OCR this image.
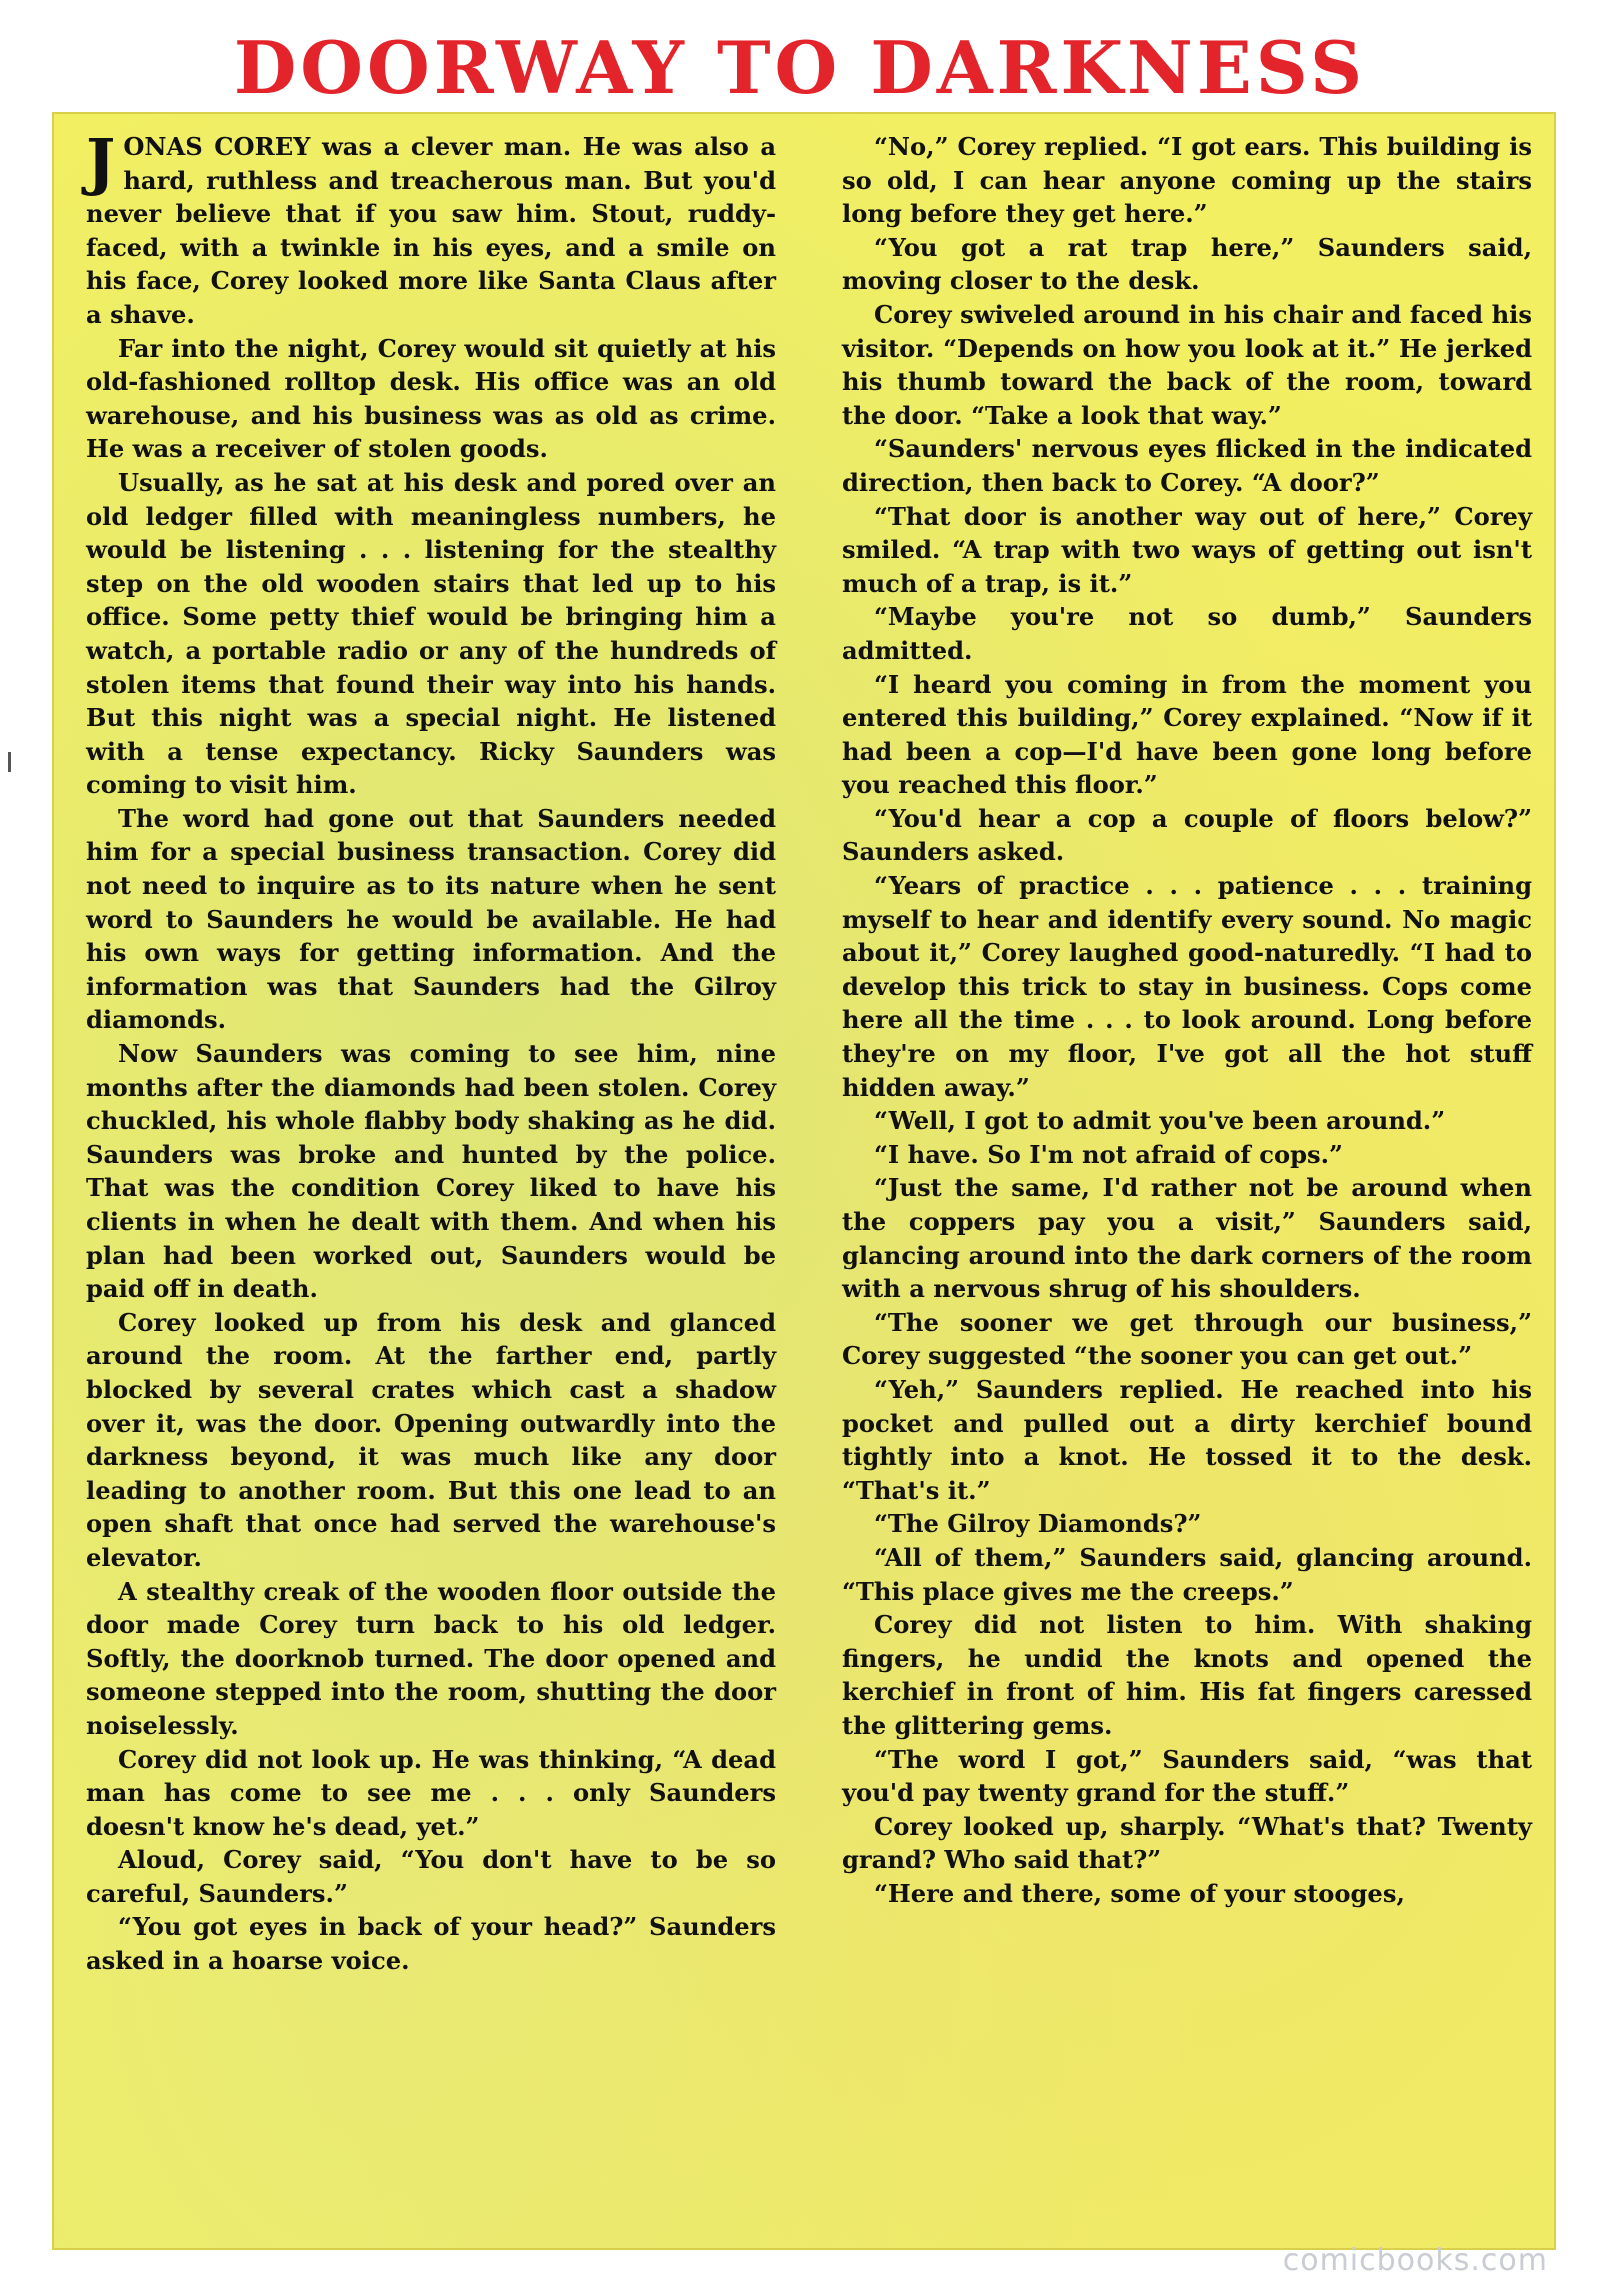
DOORWAY TO DARKNESS

JONAS COREY was a clever man. He was also a hard, ruthless and treacherous man. But you'd never believe that if you saw him. Stout, ruddy-faced, with a twinkle in his eyes, and a smile on his face, Corey looked more like Santa Claus after a shave.

Far into the night, Corey would sit quietly at his old-fashioned rolltop desk. His office was an old warehouse, and his business was as old as crime. He was a receiver of stolen goods.

Usually, as he sat at his desk and pored over an old ledger filled with meaningless numbers, he would be listening . . . listening for the stealthy step on the old wooden stairs that led up to his office. Some petty thief would be bringing him a watch, a portable radio or any of the hundreds of stolen items that found their way into his hands. But this night was a special night. He listened with a tense expectancy. Ricky Saunders was coming to visit him.

The word had gone out that Saunders needed him for a special business transaction. Corey did not need to inquire as to its nature when he sent word to Saunders he would be available. He had his own ways for getting information. And the information was that Saunders had the Gilroy diamonds.

Now Saunders was coming to see him, nine months after the diamonds had been stolen. Corey chuckled, his whole flabby body shaking as he did. Saunders was broke and hunted by the police. That was the condition Corey liked to have his clients in when he dealt with them. And when his plan had been worked out, Saunders would be paid off in death.

Corey looked up from his desk and glanced around the room. At the farther end, partly blocked by several crates which cast a shadow over it, was the door. Opening outwardly into the darkness beyond, it was much like any door leading to another room. But this one lead to an open shaft that once had served the warehouse's elevator.

A stealthy creak of the wooden floor outside the door made Corey turn back to his old ledger. Softly, the doorknob turned. The door opened and someone stepped into the room, shutting the door noiselessly.

Corey did not look up. He was thinking, “A dead man has come to see me . . . only Saunders doesn't know he's dead, yet.”

Aloud, Corey said, “You don't have to be so careful, Saunders.”

“You got eyes in back of your head?” Saunders asked in a hoarse voice.

“No,” Corey replied. “I got ears. This building is so old, I can hear anyone coming up the stairs long before they get here.”

“You got a rat trap here,” Saunders said, moving closer to the desk.

Corey swiveled around in his chair and faced his visitor. “Depends on how you look at it.” He jerked his thumb toward the back of the room, toward the door. “Take a look that way.”

“Saunders' nervous eyes flicked in the indicated direction, then back to Corey. “A door?”

“That door is another way out of here,” Corey smiled. “A trap with two ways of getting out isn't much of a trap, is it.”

“Maybe you're not so dumb,” Saunders admitted.

“I heard you coming in from the moment you entered this building,” Corey explained. “Now if it had been a cop—I'd have been gone long before you reached this floor.”

“You'd hear a cop a couple of floors below?” Saunders asked.

“Years of practice . . . patience . . . training myself to hear and identify every sound. No magic about it,” Corey laughed good-naturedly. “I had to develop this trick to stay in business. Cops come here all the time . . . to look around. Long before they're on my floor, I've got all the hot stuff hidden away.”

“Well, I got to admit you've been around.”

“I have. So I'm not afraid of cops.”

“Just the same, I'd rather not be around when the coppers pay you a visit,” Saunders said, glancing around into the dark corners of the room with a nervous shrug of his shoulders.

“The sooner we get through our business,” Corey suggested “the sooner you can get out.”

“Yeh,” Saunders replied. He reached into his pocket and pulled out a dirty kerchief bound tightly into a knot. He tossed it to the desk. “That's it.”

“The Gilroy Diamonds?”

“All of them,” Saunders said, glancing around. “This place gives me the creeps.”

Corey did not listen to him. With shaking fingers, he undid the knots and opened the kerchief in front of him. His fat fingers caressed the glittering gems.

“The word I got,” Saunders said, “was that you'd pay twenty grand for the stuff.”

Corey looked up, sharply. “What's that? Twenty grand? Who said that?”

“Here and there, some of your stooges,

comicbooks.com
